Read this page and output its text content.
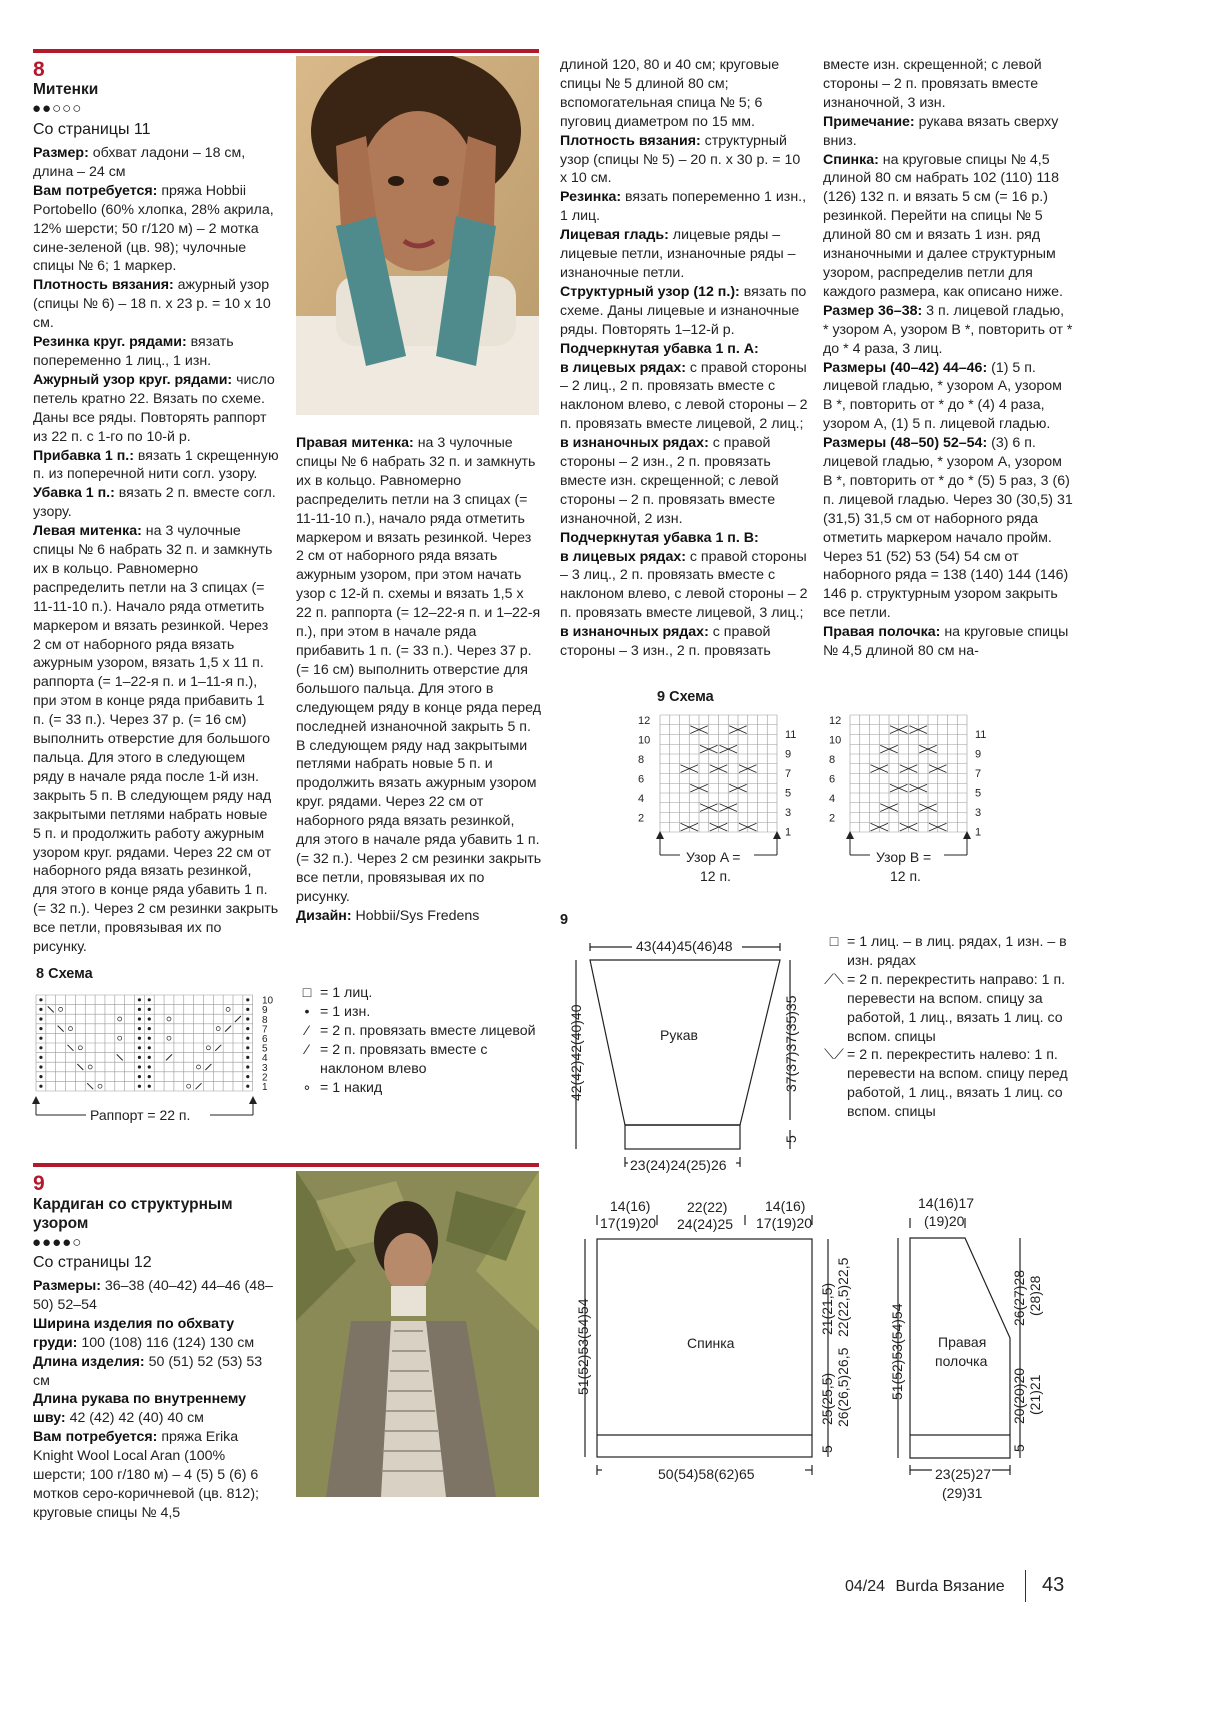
8
Митенки
●●○○○
Со страницы 11

Размер: обхват ладони – 18 см, длина – 24 см

Вам потребуется: пряжа Hobbii Portobello (60% хлопка, 28% акрила, 12% шерсти; 50 г/120 м) – 2 мотка сине-зеленой (цв. 98); чулочные спицы № 6; 1 маркер.

Плотность вязания: ажурный узор (спицы № 6) – 18 п. х 23 р. = 10 х 10 см.

Резинка круг. рядами: вязать попеременно 1 лиц., 1 изн.

Ажурный узор круг. рядами: число петель кратно 22. Вязать по схеме. Даны все ряды. Повторять раппорт из 22 п. с 1-го по 10-й р.

Прибавка 1 п.: вязать 1 скрещенную п. из поперечной нити согл. узору.

Убавка 1 п.: вязать 2 п. вместе согл. узору.

Левая митенка: на 3 чулочные спицы № 6 набрать 32 п. и замкнуть их в кольцо. Равномерно распределить петли на 3 спицах (= 11-11-10 п.). Начало ряда отметить маркером и вязать резинкой. Через 2 см от наборного ряда вязать ажурным узором, вязать 1,5 х 11 п. раппорта (= 1–22-я п. и 1–11-я п.), при этом в конце ряда прибавить 1 п. (= 33 п.). Через 37 р. (= 16 см) выполнить отверстие для большого пальца. Для этого в следующем ряду в начале ряда после 1-й изн. закрыть 5 п. В следующем ряду над закрытыми петлями набрать новые 5 п. и продолжить работу ажурным узором круг. рядами. Через 22 см от наборного ряда вязать резинкой, для этого в конце ряда убавить 1 п. (= 32 п.). Через 2 см резинки закрыть все петли, провязывая их по рисунку.

Правая митенка: на 3 чулочные спицы № 6 набрать 32 п. и замкнуть их в кольцо. Равномерно распределить петли на 3 спицах (= 11-11-10 п.), начало ряда отметить маркером и вязать резинкой. Через 2 см от наборного ряда вязать ажурным узором, при этом начать узор с 12-й п. схемы и вязать 1,5 х 22 п. раппорта (= 12–22-я п. и 1–22-я п.), при этом в начале ряда прибавить 1 п. (= 33 п.). Через 37 р. (= 16 см) выполнить отверстие для большого пальца. Для этого в следующем ряду в конце ряда перед последней изнаночной закрыть 5 п. В следующем ряду над закрытыми петлями набрать новые 5 п. и продолжить вязать ажурным узором круг. рядами. Через 22 см от наборного ряда вязать резинкой, для этого в начале ряда убавить 1 п. (= 32 п.). Через 2 см резинки закрыть все петли, провязывая их по рисунку.

Дизайн: Hobbii/Sys Fredens

8 Схема
10
9
8
7
6
5
4
3
2
1
Раппорт = 22 п.
□ = 1 лиц.
• = 1 изн.
⁄ = 2 п. провязать вместе лицевой
⁄ = 2 п. провязать вместе с наклоном влево
∘ = 1 накид
9
Кардиган со структурным узором
●●●●○
Со страницы 12

Размеры: 36–38 (40–42) 44–46 (48–50) 52–54

Ширина изделия по обхвату груди: 100 (108) 116 (124) 130 см

Длина изделия: 50 (51) 52 (53) 53 см

Длина рукава по внутреннему шву: 42 (42) 42 (40) 40 см

Вам потребуется: пряжа Erika Knight Wool Local Aran (100% шерсти; 100 г/180 м) – 4 (5) 5 (6) 6 мотков серо-коричневой (цв. 812); круговые спицы № 4,5

длиной 120, 80 и 40 см; круговые спицы № 5 длиной 80 см; вспомогательная спица № 5; 6 пуговиц диаметром по 15 мм.

Плотность вязания: структурный узор (спицы № 5) – 20 п. х 30 р. = 10 х 10 см.

Резинка: вязать попеременно 1 изн., 1 лиц.

Лицевая гладь: лицевые ряды – лицевые петли, изнаночные ряды – изнаночные петли.

Структурный узор (12 п.): вязать по схеме. Даны лицевые и изнаночные ряды. Повторять 1–12-й р.

Подчеркнутая убавка 1 п. A:

в лицевых рядах: с правой стороны – 2 лиц., 2 п. провязать вместе с наклоном влево, с левой стороны – 2 п. провязать вместе лицевой, 2 лиц.;

в изнаночных рядах: с правой стороны – 2 изн., 2 п. провязать вместе изн. скрещенной; с левой стороны – 2 п. провязать вместе изнаночной, 2 изн.

Подчеркнутая убавка 1 п. B:

в лицевых рядах: с правой стороны – 3 лиц., 2 п. провязать вместе с наклоном влево, с левой стороны – 2 п. провязать вместе лицевой, 3 лиц.;

в изнаночных рядах: с правой стороны – 3 изн., 2 п. провязать

вместе изн. скрещенной; с левой стороны – 2 п. провязать вместе изнаночной, 3 изн.

Примечание: рукава вязать сверху вниз.

Спинка: на круговые спицы № 4,5 длиной 80 см набрать 102 (110) 118 (126) 132 п. и вязать 5 см (= 16 р.) резинкой. Перейти на спицы № 5 длиной 80 см и вязать 1 изн. ряд изнаночными и далее структурным узором, распределив петли для каждого размера, как описано ниже.

Размер 36–38: 3 п. лицевой гладью, * узором A, узором B *, повторить от * до * 4 раза, 3 лиц.

Размеры (40–42) 44–46: (1) 5 п. лицевой гладью, * узором A, узором B *, повторить от * до * (4) 4 раза, узором A, (1) 5 п. лицевой гладью.

Размеры (48–50) 52–54: (3) 6 п. лицевой гладью, * узором A, узором B *, повторить от * до * (5) 5 раз, 3 (6) п. лицевой гладью. Через 30 (30,5) 31 (31,5) 31,5 см от наборного ряда отметить маркером начало пройм. Через 51 (52) 53 (54) 54 см от наборного ряда = 138 (140) 144 (146) 146 р. структурным узором закрыть все петли.

Правая полочка: на круговые спицы № 4,5 длиной 80 см на-

9 Схема
12	12
10	10
8	8
6	6
4	4
2	2
11	11
9	9
7	7
5	5
3	3
1	1
Узор A =
12 п.
Узор B =
12 п.
9
43(44)45(46)48
Рукав
23(24)24(25)26
42(42)42(40)40	37(37)37(35)35
5
□ = 1 лиц. – в лиц. рядах, 1 изн. – в изн. рядах
⟋⟍ = 2 п. перекрестить направо: 1 п. перевести на вспом. спицу за работой, 1 лиц., вязать 1 лиц. со вспом. спицы
⟍⟋ = 2 п. перекрестить налево: 1 п. перевести на вспом. спицу перед работой, 1 лиц., вязать 1 лиц. со вспом. спицы
14(16)
17(19)20
22(22)
24(24)25
14(16)
17(19)20
Спинка
50(54)58(62)65
51(52)53(54)54	21(21,5) 22(22,5)22,5
25(25,5) 26(26,5)26,5
5
14(16)17
(19)20
Правая
полочка
23(25)27
(29)31
51(52)53(54)54
26(27)28 (28)28
20(20)20 (21)21
5
04/24 Burda Вязание 43
